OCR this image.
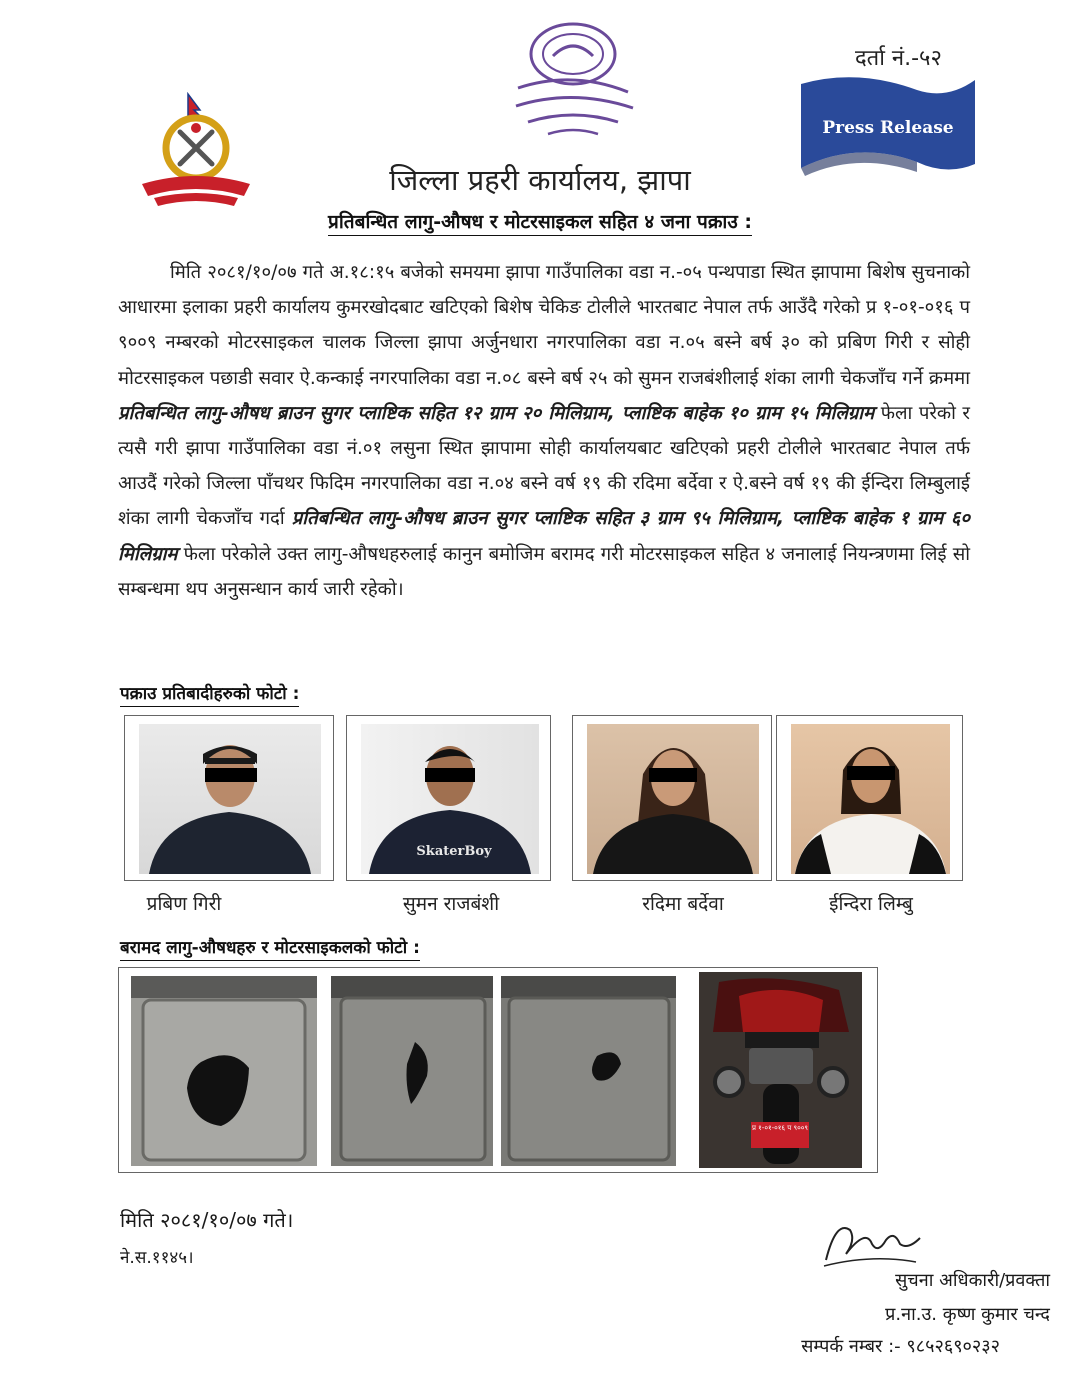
दर्ता नं.-५२
Press Release
जिल्ला प्रहरी कार्यालय, झापा
प्रतिबन्धित लागु-औषध र मोटरसाइकल सहित ४ जना पक्राउ :
मिति २०८१/१०/०७ गते अ.१८:१५ बजेको समयमा झापा गाउँपालिका वडा न.-०५ पन्थपाडा स्थित झापामा बिशेष सुचनाको आधारमा इलाका प्रहरी कार्यालय कुमरखोदबाट खटिएको बिशेष चेकिङ टोलीले भारतबाट नेपाल तर्फ आउँदै गरेको प्र १-०१-०१६ प ९००९ नम्बरको मोटरसाइकल चालक जिल्ला झापा अर्जुनधारा नगरपालिका वडा न.०५ बस्ने बर्ष ३० को प्रबिण गिरी र सोही मोटरसाइकल पछाडी सवार ऐ.कन्काई नगरपालिका वडा न.०८ बस्ने बर्ष २५ को सुमन राजबंशीलाई शंका लागी चेकजाँच गर्ने क्रममा प्रतिबन्धित लागु-औषध ब्राउन सुगर प्लाष्टिक सहित १२ ग्राम २० मिलिग्राम, प्लाष्टिक बाहेक १० ग्राम १५ मिलिग्राम फेला परेको र त्यसै गरी झापा गाउँपालिका वडा नं.०१ लसुना स्थित झापामा सोही कार्यालयबाट खटिएको प्रहरी टोलीले भारतबाट नेपाल तर्फ आउदैं गरेको जिल्ला पाँचथर फिदिम नगरपालिका वडा न.०४ बस्ने वर्ष १९ की रदिमा बर्देवा र ऐ.बस्ने वर्ष १९ की ईन्दिरा लिम्बुलाई शंका लागी चेकजाँच गर्दा प्रतिबन्धित लागु-औषध ब्राउन सुगर प्लाष्टिक सहित ३ ग्राम ९५ मिलिग्राम, प्लाष्टिक बाहेक १ ग्राम ६० मिलिग्राम फेला परेकोले उक्त लागु-औषधहरुलाई कानुन बमोजिम बरामद गरी मोटरसाइकल सहित ४ जनालाई नियन्त्रणमा लिई सो सम्बन्धमा थप अनुसन्धान कार्य जारी रहेको।
पक्राउ प्रतिबादीहरुको फोटो :
प्रबिण गिरी
SkaterBoy
सुमन राजबंशी	रदिमा बर्देवा	ईन्दिरा लिम्बु
बरामद लागु-औषधहरु र मोटरसाइकलको फोटो :
प्र १-०१-०१६ प ९००९
मिति २०८१/१०/०७ गते।
ने.स.११४५।
सुचना अधिकारी/प्रवक्ता
प्र.ना.उ. कृष्ण कुमार चन्द
सम्पर्क नम्बर :- ९८५२६९०२३२
